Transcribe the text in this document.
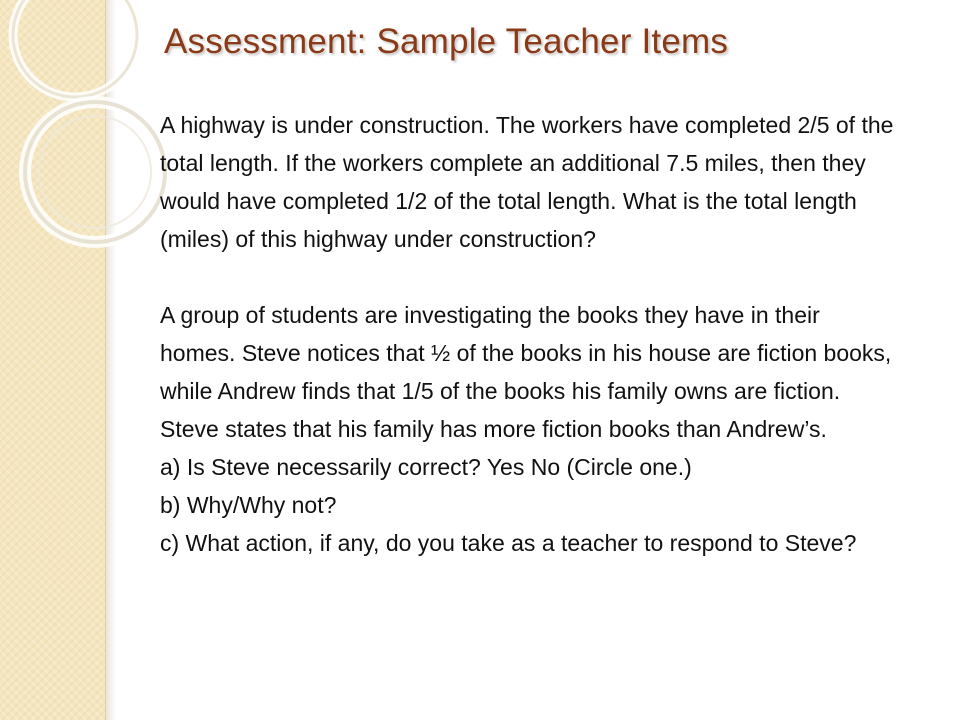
Assessment: Sample Teacher Items

A highway is under construction. The workers have completed 2/5 of the total length. If the workers complete an additional 7.5 miles, then they would have completed 1/2 of the total length. What is the total length (miles) of this highway under construction?

A group of students are investigating the books they have in their

homes. Steve notices that ½ of the books in his house are fiction books, while Andrew finds that 1/5 of the books his family owns are fiction. Steve states that his family has more fiction books than Andrew’s.

a) Is Steve necessarily correct? Yes No (Circle one.)

b) Why/Why not?

c) What action, if any, do you take as a teacher to respond to Steve?
